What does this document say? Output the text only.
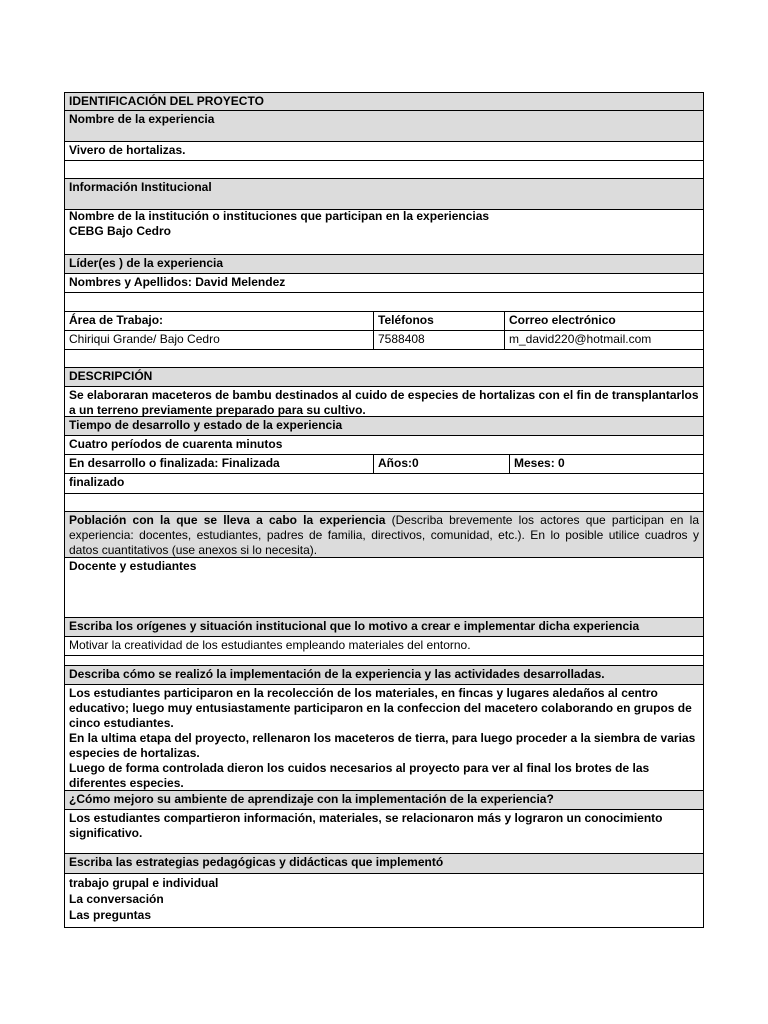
IDENTIFICACIÓN DEL PROYECTO
Nombre de la experiencia
Vivero de hortalizas.
Información Institucional
Nombre de la institución o instituciones que participan en la experiencias
CEBG Bajo Cedro
Líder(es ) de la experiencia
Nombres y Apellidos: David Melendez
Área de Trabajo:	Teléfonos	Correo electrónico
Chiriqui Grande/ Bajo Cedro	7588408	m_david220@hotmail.com
DESCRIPCIÓN
Se elaboraran maceteros de bambu destinados al cuido de especies de hortalizas con el fin de transplantarlos a un terreno previamente preparado para su cultivo.
Tiempo de desarrollo y estado de la experiencia
Cuatro períodos de cuarenta minutos
En desarrollo o finalizada: Finalizada	Años:0	Meses: 0
finalizado
Población con la que se lleva a cabo la experiencia (Describa brevemente los actores que participan en la experiencia: docentes, estudiantes, padres de familia, directivos, comunidad, etc.). En lo posible utilice cuadros y datos cuantitativos (use anexos si lo necesita).
Docente y estudiantes
Escriba los orígenes y situación institucional que lo motivo a crear e implementar dicha experiencia
Motivar la creatividad de los estudiantes empleando materiales del entorno.
Describa cómo se realizó la implementación de la experiencia y las actividades desarrolladas.
Los estudiantes participaron en la recolección de los materiales, en fincas y lugares aledaños al centro educativo; luego muy entusiastamente participaron en la confeccion del macetero colaborando en grupos de cinco estudiantes.
En la ultima etapa del proyecto, rellenaron los maceteros de tierra, para luego proceder a la siembra de varias especies de hortalizas.
Luego de forma controlada dieron los cuidos necesarios al proyecto para ver al final los brotes de las diferentes especies.
¿Cómo mejoro su ambiente de aprendizaje con la implementación de la experiencia?
Los estudiantes compartieron información, materiales, se relacionaron más y lograron un conocimiento significativo.
Escriba las estrategias pedagógicas y didácticas que implementó
trabajo grupal e individual
La conversación
Las preguntas
